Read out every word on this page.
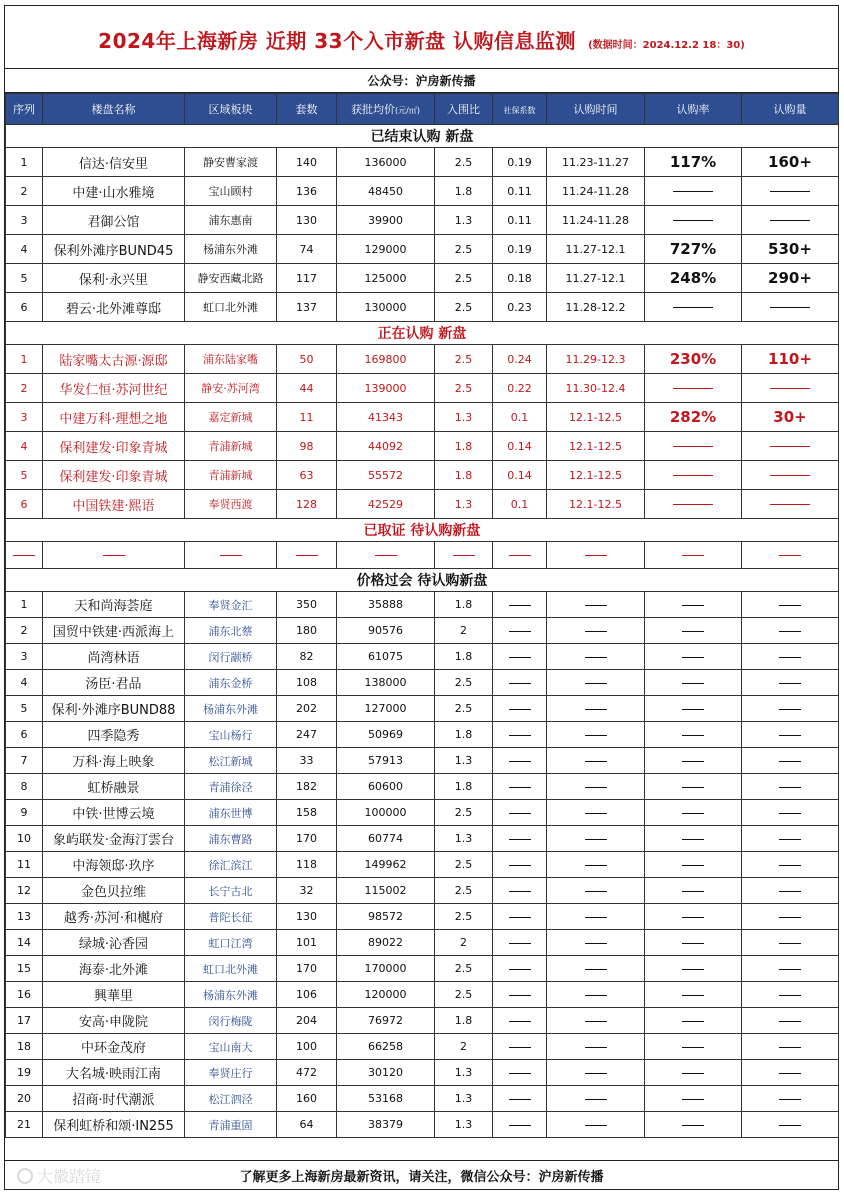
2024年上海新房 近期 33个入市新盘 认购信息监测 (数据时间：2024.12.2 18：30)
公众号：沪房新传播
序列	楼盘名称	区域板块	套数	获批均价(元/㎡)	入围比	社保系数	认购时间	认购率	认购量
已结束认购 新盘									
1	信达·信安里	静安曹家渡	140	136000	2.5	0.19	11.23-11.27	117%	160+
2	中建·山水雅境	宝山顾村	136	48450	1.8	0.11	11.24-11.28		
3	君御公馆	浦东惠南	130	39900	1.3	0.11	11.24-11.28		
4	保利外滩序BUND45	杨浦东外滩	74	129000	2.5	0.19	11.27-12.1	727%	530+
5	保利·永兴里	静安西藏北路	117	125000	2.5	0.18	11.27-12.1	248%	290+
6	碧云·北外滩尊邸	虹口北外滩	137	130000	2.5	0.23	11.28-12.2		
正在认购 新盘									
1	陆家嘴太古源·源邸	浦东陆家嘴	50	169800	2.5	0.24	11.29-12.3	230%	110+
2	华发仁恒·苏河世纪	静安·苏河湾	44	139000	2.5	0.22	11.30-12.4		
3	中建万科·理想之地	嘉定新城	11	41343	1.3	0.1	12.1-12.5	282%	30+
4	保利建发·印象青城	青浦新城	98	44092	1.8	0.14	12.1-12.5		
5	保利建发·印象青城	青浦新城	63	55572	1.8	0.14	12.1-12.5		
6	中国铁建·熙语	奉贤西渡	128	42529	1.3	0.1	12.1-12.5		
已取证 待认购新盘									

价格过会 待认购新盘									
1	天和尚海荟庭	奉贤金汇	350	35888	1.8				
2	国贸中铁建·西派海上	浦东北蔡	180	90576	2				
3	尚湾林语	闵行颛桥	82	61075	1.8				
4	汤臣·君品	浦东金桥	108	138000	2.5				
5	保利·外滩序BUND88	杨浦东外滩	202	127000	2.5				
6	四季隐秀	宝山杨行	247	50969	1.8				
7	万科·海上映象	松江新城	33	57913	1.3				
8	虹桥融景	青浦徐泾	182	60600	1.8				
9	中铁·世博云境	浦东世博	158	100000	2.5				
10	象屿联发·金海汀雲台	浦东曹路	170	60774	1.3				
11	中海领邸·玖序	徐汇滨江	118	149962	2.5				
12	金色贝拉维	长宁古北	32	115002	2.5				
13	越秀·苏河·和樾府	普陀长征	130	98572	2.5				
14	绿城·沁香园	虹口江湾	101	89022	2				
15	海泰·北外滩	虹口北外滩	170	170000	2.5				
16	興華里	杨浦东外滩	106	120000	2.5				
17	安高·申陇院	闵行梅陇	204	76972	1.8				
18	中环金茂府	宝山南大	100	66258	2				
19	大名城·映雨江南	奉贤庄行	472	30120	1.3				
20	招商·时代潮派	松江泗泾	160	53168	1.3				
21	保利虹桥和颂·IN255	青浦重固	64	38379	1.3				
了解更多上海新房最新资讯，请关注，微信公众号：沪房新传播
大徽踏镜
